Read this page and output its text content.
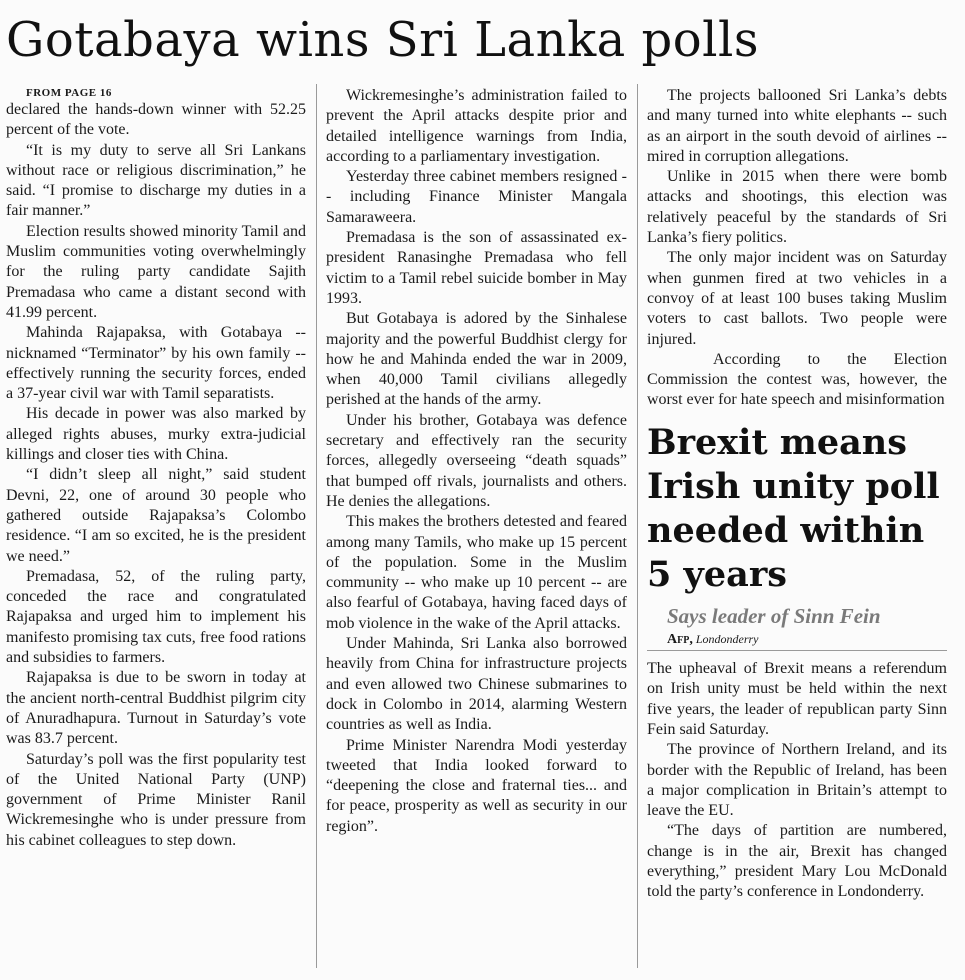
Gotabaya wins Sri Lanka polls

FROM PAGE 16

declared the hands-down winner with 52.25 percent of the vote.

“It is my duty to serve all Sri Lankans without race or religious discrimination,” he said. “I promise to discharge my duties in a fair manner.”

Election results showed minority Tamil and Muslim communities voting overwhelmingly for the ruling party candidate Sajith Premadasa who came a distant second with 41.99 percent.

Mahinda Rajapaksa, with Gotabaya -- nicknamed “Terminator” by his own family -- effectively running the security forces, ended a 37-year civil war with Tamil separatists.

His decade in power was also marked by alleged rights abuses, murky extra-judicial killings and closer ties with China.

“I didn’t sleep all night,” said student Devni, 22, one of around 30 people who gathered outside Rajapaksa’s Colombo residence. “I am so excited, he is the president we need.”

Premadasa, 52, of the ruling party, conceded the race and congratulated Rajapaksa and urged him to implement his manifesto promising tax cuts, free food rations and subsidies to farmers.

Rajapaksa is due to be sworn in today at the ancient north-central Buddhist pilgrim city of Anuradhapura. Turnout in Saturday’s vote was 83.7 percent.

Saturday’s poll was the first popularity test of the United National Party (UNP) government of Prime Minister Ranil Wickremesinghe who is under pressure from his cabinet colleagues to step down.

Wickremesinghe’s administration failed to prevent the April attacks despite prior and detailed intelligence warnings from India, according to a parliamentary investigation.

Yesterday three cabinet members resigned -- including Finance Minister Mangala Samaraweera.

Premadasa is the son of assassinated ex-president Ranasinghe Premadasa who fell victim to a Tamil rebel suicide bomber in May 1993.

But Gotabaya is adored by the Sinhalese majority and the powerful Buddhist clergy for how he and Mahinda ended the war in 2009, when 40,000 Tamil civilians allegedly perished at the hands of the army.

Under his brother, Gotabaya was defence secretary and effectively ran the security forces, allegedly overseeing “death squads” that bumped off rivals, journalists and others. He denies the allegations.

This makes the brothers detested and feared among many Tamils, who make up 15 percent of the population. Some in the Muslim community -- who make up 10 percent -- are also fearful of Gotabaya, having faced days of mob violence in the wake of the April attacks.

Under Mahinda, Sri Lanka also borrowed heavily from China for infrastructure projects and even allowed two Chinese submarines to dock in Colombo in 2014, alarming Western countries as well as India.

Prime Minister Narendra Modi yesterday tweeted that India looked forward to “deepening the close and fraternal ties... and for peace, prosperity as well as security in our region”.

The projects ballooned Sri Lanka’s debts and many turned into white elephants -- such as an airport in the south devoid of airlines -- mired in corruption allegations.

Unlike in 2015 when there were bomb attacks and shootings, this election was relatively peaceful by the standards of Sri Lanka’s fiery politics.

The only major incident was on Saturday when gunmen fired at two vehicles in a convoy of at least 100 buses taking Muslim voters to cast ballots. Two people were injured.

According to the Election Commission the contest was, however, the worst ever for hate speech and misinformation

Brexit means Irish unity poll needed within 5 years

Says leader of Sinn Fein

Afp, Londonderry

The upheaval of Brexit means a referendum on Irish unity must be held within the next five years, the leader of republican party Sinn Fein said Saturday.

The province of Northern Ireland, and its border with the Republic of Ireland, has been a major complication in Britain’s attempt to leave the EU.

“The days of partition are numbered, change is in the air, Brexit has changed everything,” president Mary Lou McDonald told the party’s conference in Londonderry.
